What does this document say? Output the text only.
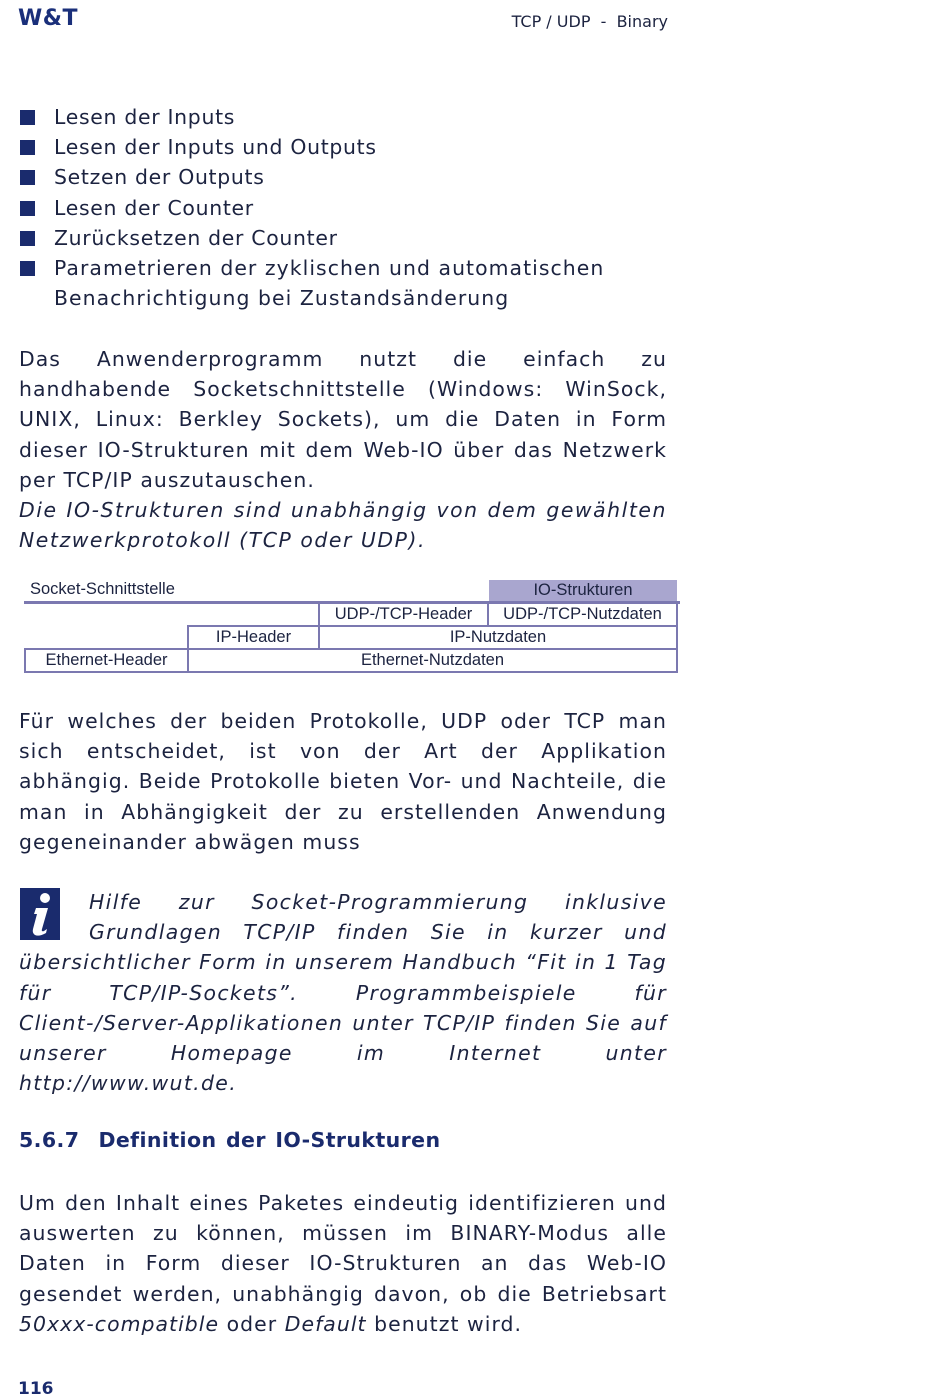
W&T	TCP / UDP  -  Binary
Lesen der Inputs
Lesen der Inputs und Outputs
Setzen der Outputs
Lesen der Counter
Zurücksetzen der Counter
Parametrieren der zyklischen und automatischen Benachrichtigung bei Zustandsänderung

Das Anwenderprogramm nutzt die einfach zu handhabende Socketschnittstelle (Windows: WinSock, UNIX, Linux: Berkley Sockets), um die Daten in Form dieser IO-Strukturen mit dem Web-IO über das Netzwerk per TCP/IP auszutauschen.

Die IO-Strukturen sind unabhängig von dem gewählten Netzwerkprotokoll (TCP oder UDP).

Socket-Schnittstelle	IO-Strukturen
UDP-/TCP-Header	UDP-/TCP-Nutzdaten
IP-Header	IP-Nutzdaten
Ethernet-Header	Ethernet-Nutzdaten

Für welches der beiden Protokolle, UDP oder TCP man sich entscheidet, ist von der Art der Applikation abhängig. Beide Protokolle bieten Vor- und Nachteile, die man in Abhängigkeit der zu erstellenden Anwendung gegeneinander abwägen muss

Hilfe zur Socket-Programmierung inklusive Grundlagen TCP/IP finden Sie in kurzer und übersichtlicher Form in unserem Handbuch “Fit in 1 Tag für TCP/IP-Sockets”. Programmbeispiele für Client-/Server-Applikationen unter TCP/IP finden Sie auf unserer Homepage im Internet unter http://www.wut.de.

5.6.7 Definition der IO-Strukturen

Um den Inhalt eines Paketes eindeutig identifizieren und auswerten zu können, müssen im BINARY-Modus alle Daten in Form dieser IO-Strukturen an das Web-IO gesendet werden, unabhängig davon, ob die Betriebsart 50xxx-compatible oder Default benutzt wird.

116
